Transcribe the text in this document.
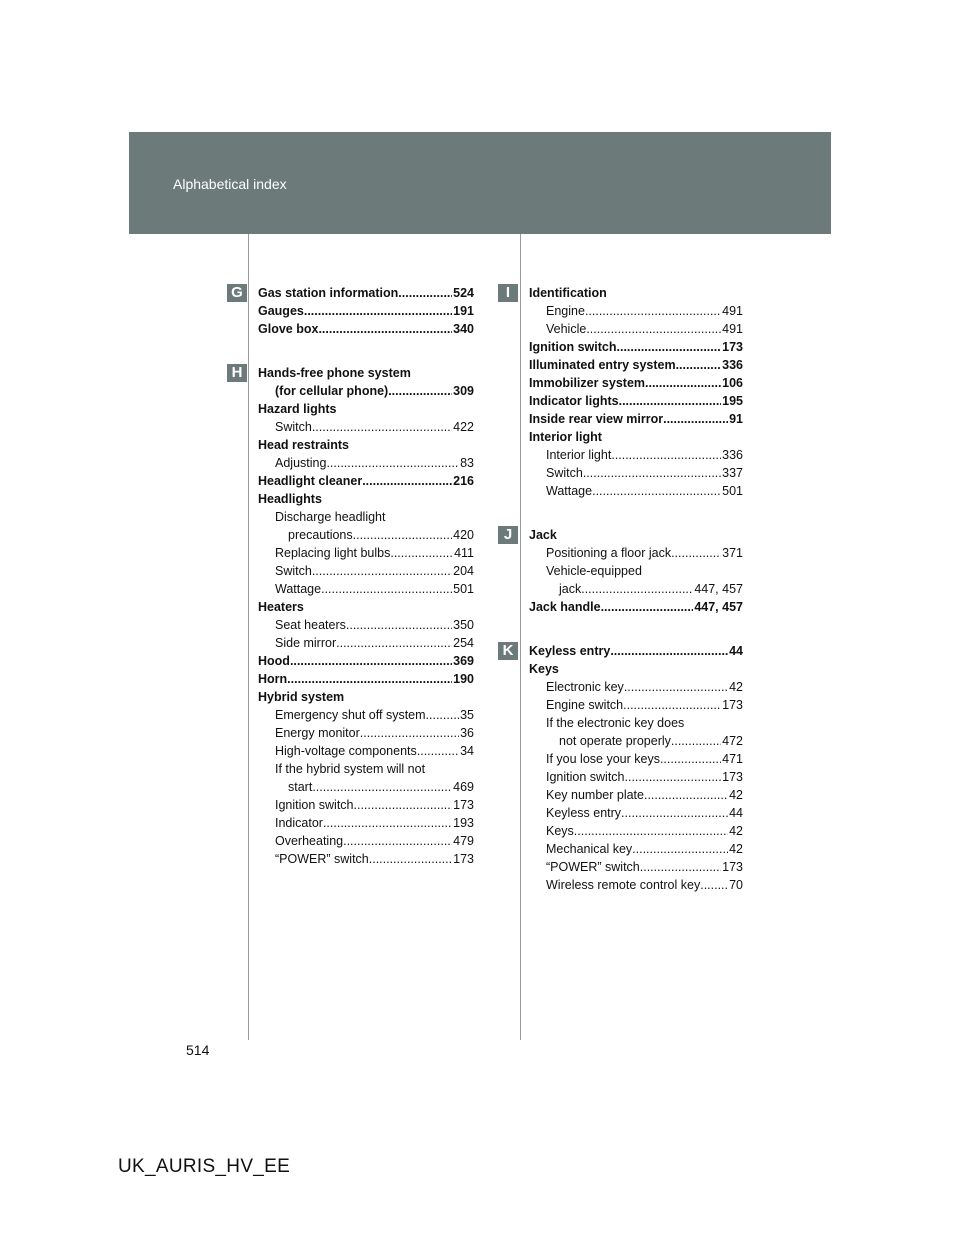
Alphabetical index
G	Gas station information .....	524
Gauges .....	191
Glove box .....	340
H	Hands-free phone system
(for cellular phone) .....	309
Hazard lights
Switch .....	422
Head restraints
Adjusting .....	83
Headlight cleaner .....	216
Headlights
Discharge headlight
precautions .....	420
Replacing light bulbs .....	411
Switch .....	204
Wattage .....	501
Heaters
Seat heaters .....	350
Side mirror .....	254
Hood .....	369
Horn .....	190
Hybrid system
Emergency shut off system .....	35
Energy monitor .....	36
High-voltage components .....	34
If the hybrid system will not
start .....	469
Ignition switch .....	173
Indicator .....	193
Overheating .....	479
“POWER” switch .....	173
I	Identification
Engine .....	491
Vehicle .....	491
Ignition switch .....	173
Illuminated entry system .....	336
Immobilizer system .....	106
Indicator lights .....	195
Inside rear view mirror .....	91
Interior light
Interior light .....	336
Switch .....	337
Wattage .....	501
J	Jack
Positioning a floor jack .....	371
Vehicle-equipped
jack .....	447, 457
Jack handle .....	447, 457
K	Keyless entry .....	44
Keys
Electronic key .....	42
Engine switch .....	173
If the electronic key does
not operate properly .....	472
If you lose your keys .....	471
Ignition switch .....	173
Key number plate .....	42
Keyless entry .....	44
Keys .....	42
Mechanical key .....	42
“POWER” switch .....	173
Wireless remote control key ..... 70
514
UK_AURIS_HV_EE
